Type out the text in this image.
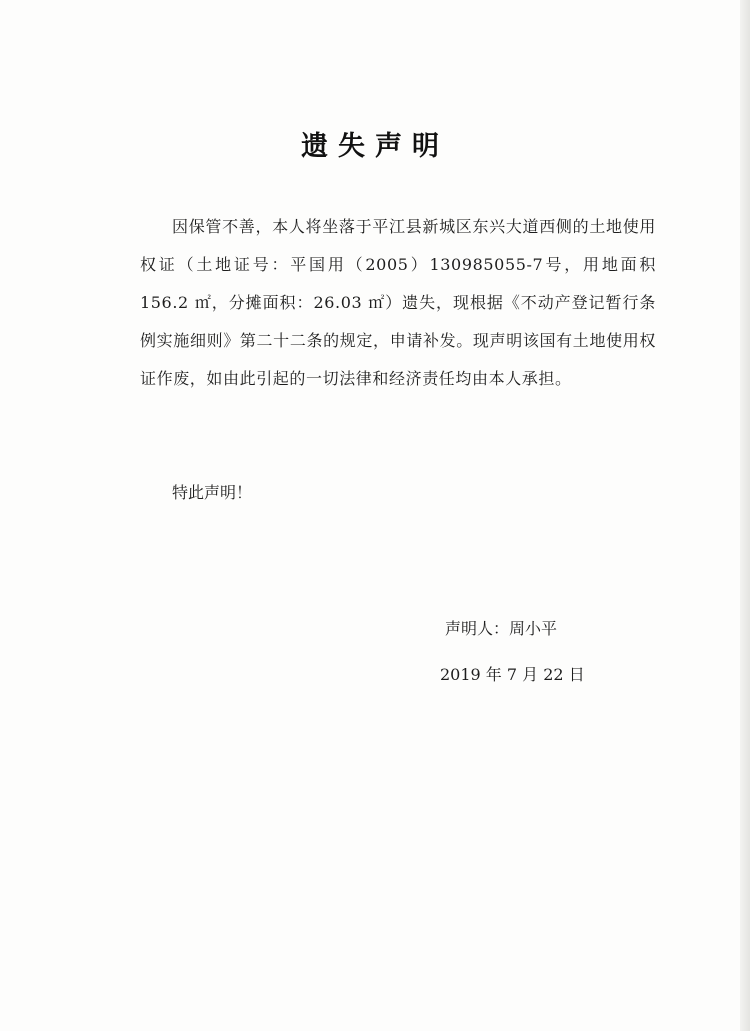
遗失声明

因保管不善，本人将坐落于平江县新城区东兴大道西侧的土地使用权证（土地证号：平国用（2005）130985055-7号，用地面积 156.2 ㎡，分摊面积：26.03 ㎡）遗失，现根据《不动产登记暂行条例实施细则》第二十二条的规定，申请补发。现声明该国有土地使用权证作废，如由此引起的一切法律和经济责任均由本人承担。

特此声明！
声明人：周小平
2019 年 7 月 22 日
